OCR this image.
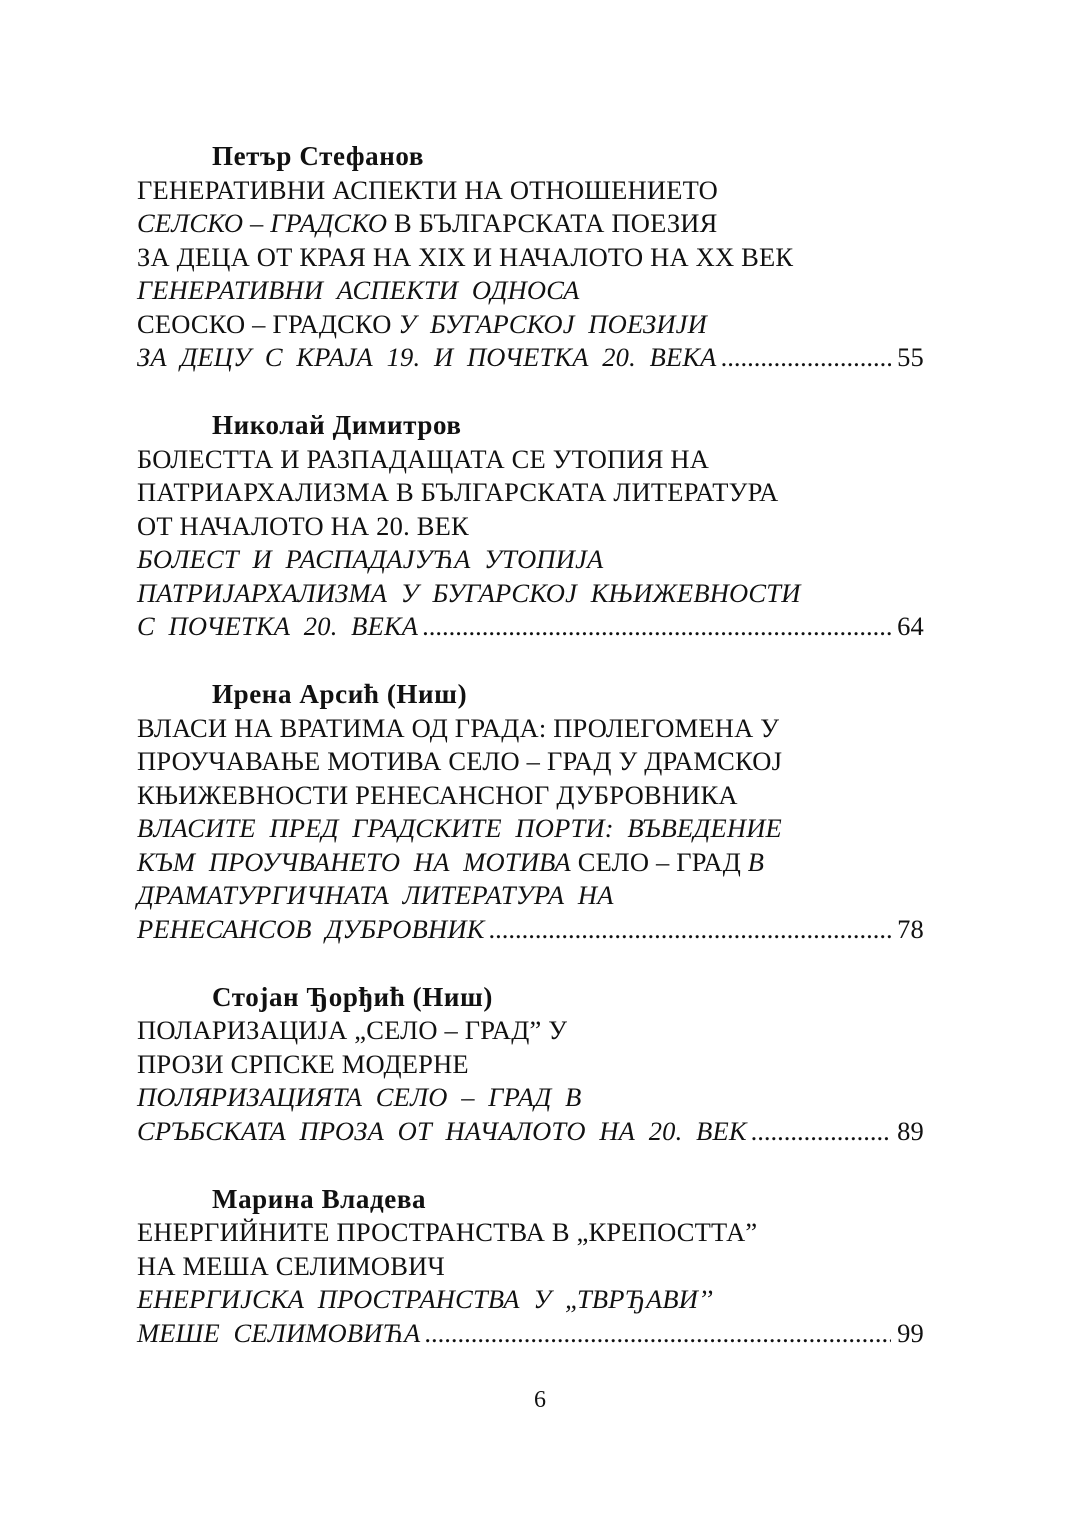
Петър Стефанов
ГЕНЕРАТИВНИ АСПЕКТИ НА ОТНОШЕНИЕТО
СЕЛСКО – ГРАДСКО В БЪЛГАРСКАТА ПОЕЗИЯ
ЗА ДЕЦА ОТ КРАЯ НА XIX И НАЧАЛОТО НА XX ВЕК
ГЕНЕРАТИВНИ  АСПЕКТИ  ОДНОСА
СЕОСКО – ГРАДСКО У  БУГАРСКОЈ  ПОЕЗИЈИ
ЗА  ДЕЦУ  С  КРАЈА  19.  И  ПОЧЕТКА  20.  ВЕКА .....	55
Николай Димитров
БОЛЕСТТА И РАЗПАДАЩАТА СЕ УТОПИЯ НА
ПАТРИАРХАЛИЗМА В БЪЛГАРСКАТА ЛИТЕРАТУРА
ОТ НАЧАЛОТО НА 20. ВЕК
БОЛЕСТ  И  РАСПАДАЈУЋА  УТОПИЈА
ПАТРИЈАРХАЛИЗМА  У  БУГАРСКОЈ  КЊИЖЕВНОСТИ
С  ПОЧЕТКА  20.  ВЕКА .....	64
Ирена Арсић (Ниш)
ВЛАСИ НА ВРАТИМА ОД ГРАДА: ПРОЛЕГОМЕНА У
ПРОУЧАВАЊЕ МОТИВА СЕЛО – ГРАД У ДРАМСКОЈ
КЊИЖЕВНОСТИ РЕНЕСАНСНОГ ДУБРОВНИКА
ВЛАСИТЕ  ПРЕД  ГРАДСКИТЕ  ПОРТИ:  ВЪВЕДЕНИЕ
КЪМ  ПРОУЧВАНЕТО  НА  МОТИВА СЕЛО – ГРАД В
ДРАМАТУРГИЧНАТА  ЛИТЕРАТУРА  НА
РЕНЕСАНСОВ  ДУБРОВНИК .....	78
Стојан Ђорђић (Ниш)
ПОЛАРИЗАЦИЈА „СЕЛО – ГРАД” У
ПРОЗИ СРПСКЕ МОДЕРНЕ
ПОЛЯРИЗАЦИЯТА  СЕЛО  –  ГРАД  В
СРЪБСКАТА  ПРОЗА  ОТ  НАЧАЛОТО  НА  20.  ВЕК .....	89
Марина Владева
ЕНЕРГИЙНИТЕ ПРОСТРАНСТВА В „КРЕПОСТТА”
НА МЕША СЕЛИМОВИЧ
ЕНЕРГИЈСКА  ПРОСТРАНСТВА  У  „ТВРЂАВИ’’
МЕШЕ  СЕЛИМОВИЋА .....	99
6
